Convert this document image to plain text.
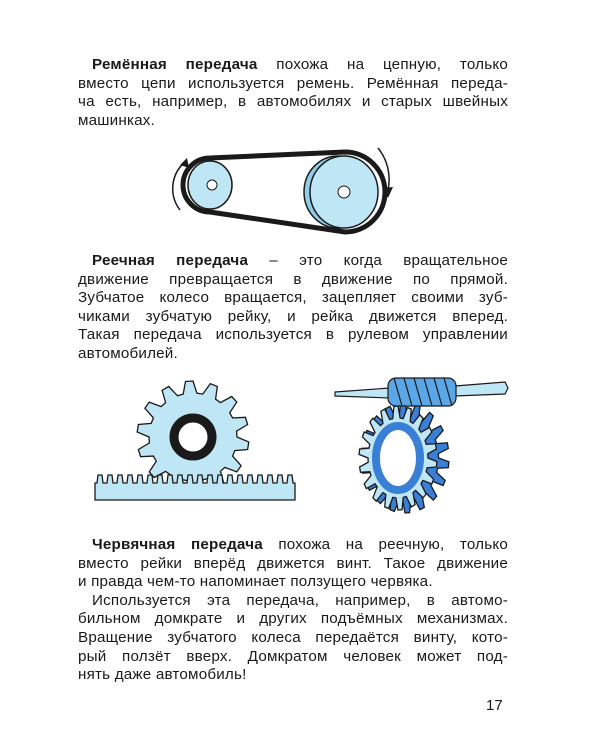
Ремённая передача похожа на цепную, только
вместо цепи используется ремень. Ремённая переда-
ча есть, например, в автомобилях и старых швейных
машинках.
Реечная передача – это когда вращательное
движение превращается в движение по прямой.
Зубчатое колесо вращается, зацепляет своими зуб-
чиками зубчатую рейку, и рейка движется вперед.
Такая передача используется в рулевом управлении
автомобилей.
Червячная передача похожа на реечную, только
вместо рейки вперёд движется винт. Такое движение
и правда чем-то напоминает ползущего червяка.
Используется эта передача, например, в автомо-
бильном домкрате и других подъёмных механизмах.
Вращение зубчатого колеса передаётся винту, кото-
рый ползёт вверх. Домкратом человек может под-
нять даже автомобиль!
17
